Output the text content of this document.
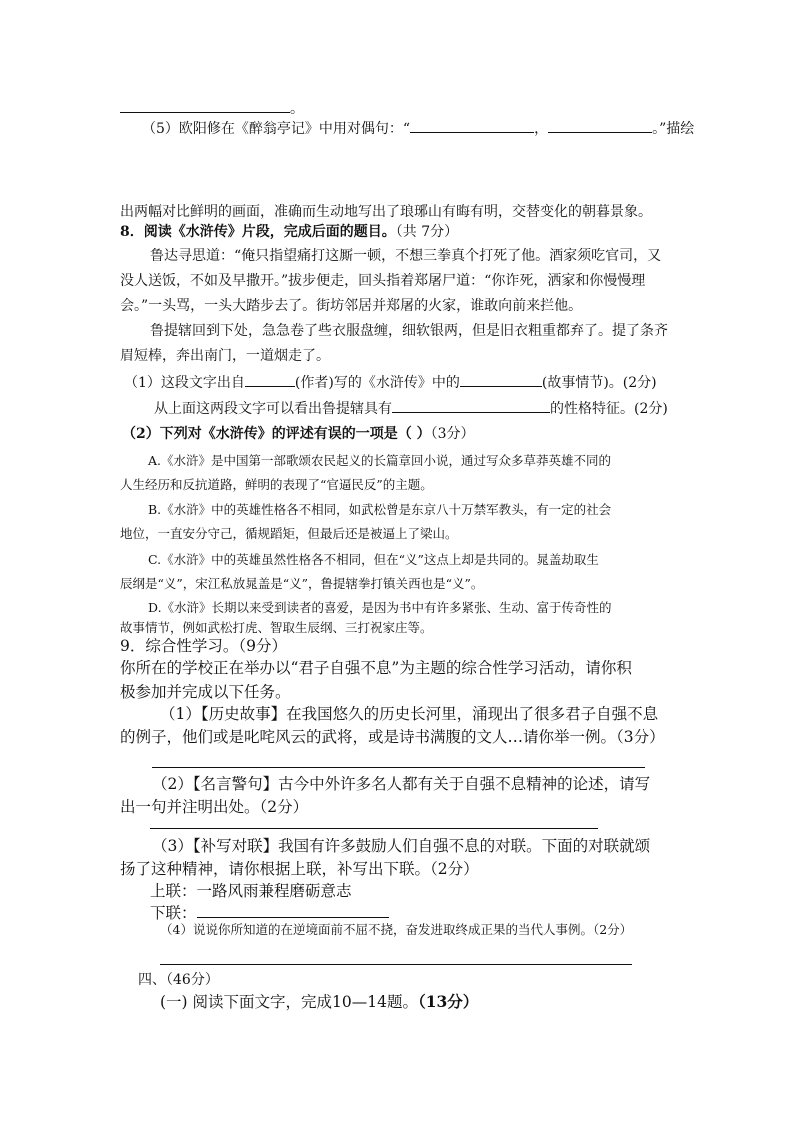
。
（5）欧阳修在《醉翁亭记》中用对偶句：“	，	。”描绘
出两幅对比鲜明的画面，准确而生动地写出了琅琊山有晦有明，交替变化的朝暮景象。
8．阅读《水浒传》片段，完成后面的题目。（共 7分）
鲁达寻思道：“俺只指望痛打这厮一顿，不想三拳真个打死了他。酒家须吃官司，又
没人送饭，不如及早撒开。”拔步便走，回头指着郑屠尸道：“你诈死，洒家和你慢慢理
会。”一头骂，一头大踏步去了。街坊邻居并郑屠的火家，谁敢向前来拦他。
鲁提辖回到下处，急急卷了些衣服盘缠，细软银两，但是旧衣粗重都弃了。提了条齐
眉短棒，奔出南门，一道烟走了。
（1）这段文字出自	(作者)写的《水浒传》中的	(故事情节)。(2分)
从上面这两段文字可以看出鲁提辖具有	的性格特征。(2分)
（2）下列对《水浒传》的评述有误的一项是（ ）（3分）
A.《水浒》是中国第一部歌颂农民起义的长篇章回小说，通过写众多草莽英雄不同的
人生经历和反抗道路，鲜明的表现了“官逼民反”的主题。
B.《水浒》中的英雄性格各不相同，如武松曾是东京八十万禁军教头，有一定的社会
地位，一直安分守己，循规蹈矩，但最后还是被逼上了梁山。
C.《水浒》中的英雄虽然性格各不相同，但在“义”这点上却是共同的。晁盖劫取生
辰纲是“义”，宋江私放晁盖是“义”，鲁提辖拳打镇关西也是“义”。
D.《水浒》长期以来受到读者的喜爱，是因为书中有许多紧张、生动、富于传奇性的
故事情节，例如武松打虎、智取生辰纲、三打祝家庄等。
9．综合性学习。（9分）
你所在的学校正在举办以“君子自强不息”为主题的综合性学习活动，请你积
极参加并完成以下任务。
（1）【历史故事】在我国悠久的历史长河里，涌现出了很多君子自强不息
的例子，他们或是叱咤风云的武将，或是诗书满腹的文人…请你举一例。（3分）
（2）【名言警句】古今中外许多名人都有关于自强不息精神的论述，请写
出一句并注明出处。（2分）
（3）【补写对联】我国有许多鼓励人们自强不息的对联。下面的对联就颂
扬了这种精神，请你根据上联，补写出下联。（2分）
上联：一路风雨兼程磨砺意志
下联：
（4）说说你所知道的在逆境面前不屈不挠，奋发进取终成正果的当代人事例。（2分）
四、（46分）
(一) 阅读下面文字，完成10—14题。（13分）
